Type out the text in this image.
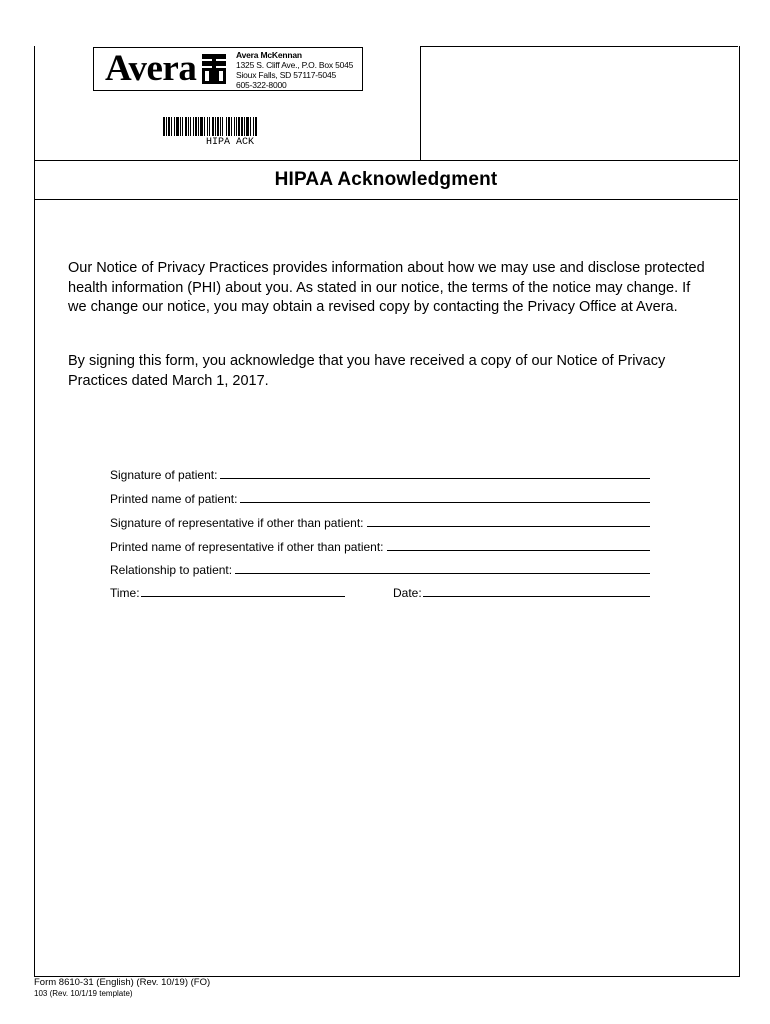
Avera	Avera McKennan
1325 S. Cliff Ave., P.O. Box 5045
Sioux Falls, SD 57117-5045
605-322-8000
HIPA ACK
HIPAA Acknowledgment

Our Notice of Privacy Practices provides information about how we may use and disclose protected health information (PHI) about you. As stated in our notice, the terms of the notice may change. If we change our notice, you may obtain a revised copy by contacting the Privacy Office at Avera.

By signing this form, you acknowledge that you have received a copy of our Notice of Privacy Practices dated March 1, 2017.

Signature of patient:
Printed name of patient:
Signature of representative if other than patient:
Printed name of representative if other than patient:
Relationship to patient:
Time:	Date:
Form 8610-31 (English) (Rev. 10/19) (FO)
103 (Rev. 10/1/19 template)
